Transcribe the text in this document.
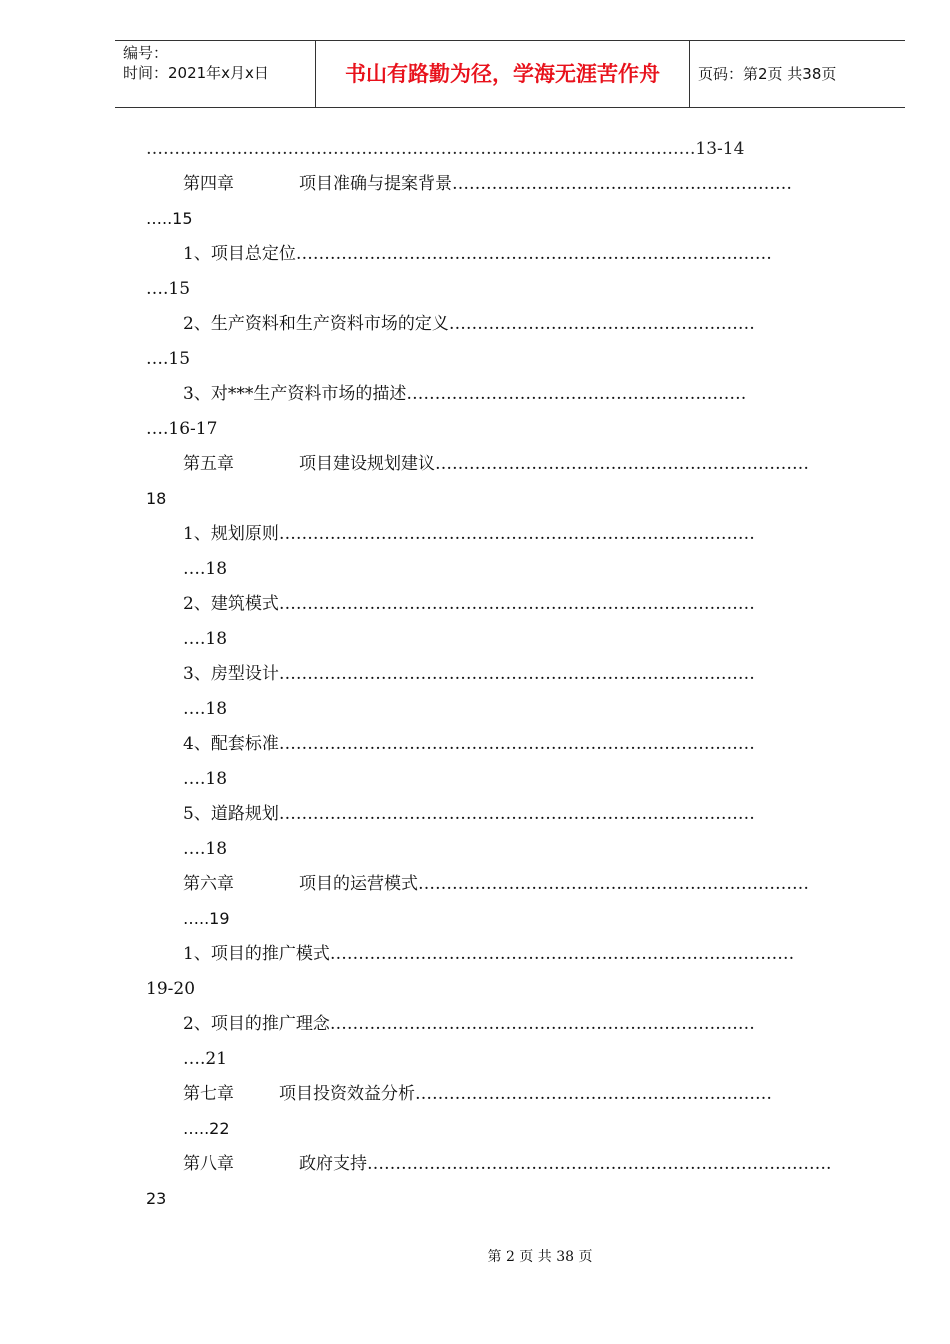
编号：
时间：2021年x月x日	书山有路勤为径，学海无涯苦作舟	页码：第2页 共38页
…………………………………………………………………………………….13-14
第四章	项目准确与提案背景……………………………………………………
…..15
1、项目总定位…………………………………………………………………………
….15
2、生产资料和生产资料市场的定义………………………………………………
….15
3、对***生产资料市场的描述……………………………………………………
….16-17
第五章	项目建设规划建议…………………………………………………………
18
1、规划原则…………………………………………………………………………
….18
2、建筑模式…………………………………………………………………………
….18
3、房型设计…………………………………………………………………………
….18
4、配套标准…………………………………………………………………………
….18
5、道路规划…………………………………………………………………………
….18
第六章	项目的运营模式……………………………………………………………
…..19
1、项目的推广模式………………………………………….……………………………
19-20
2、项目的推广理念…………………………………………………………………
….21
第七章	项目投资效益分析………………………………………………………
…..22
第八章	政府支持……………………………………………………………………….
23
第 2 页 共 38 页
